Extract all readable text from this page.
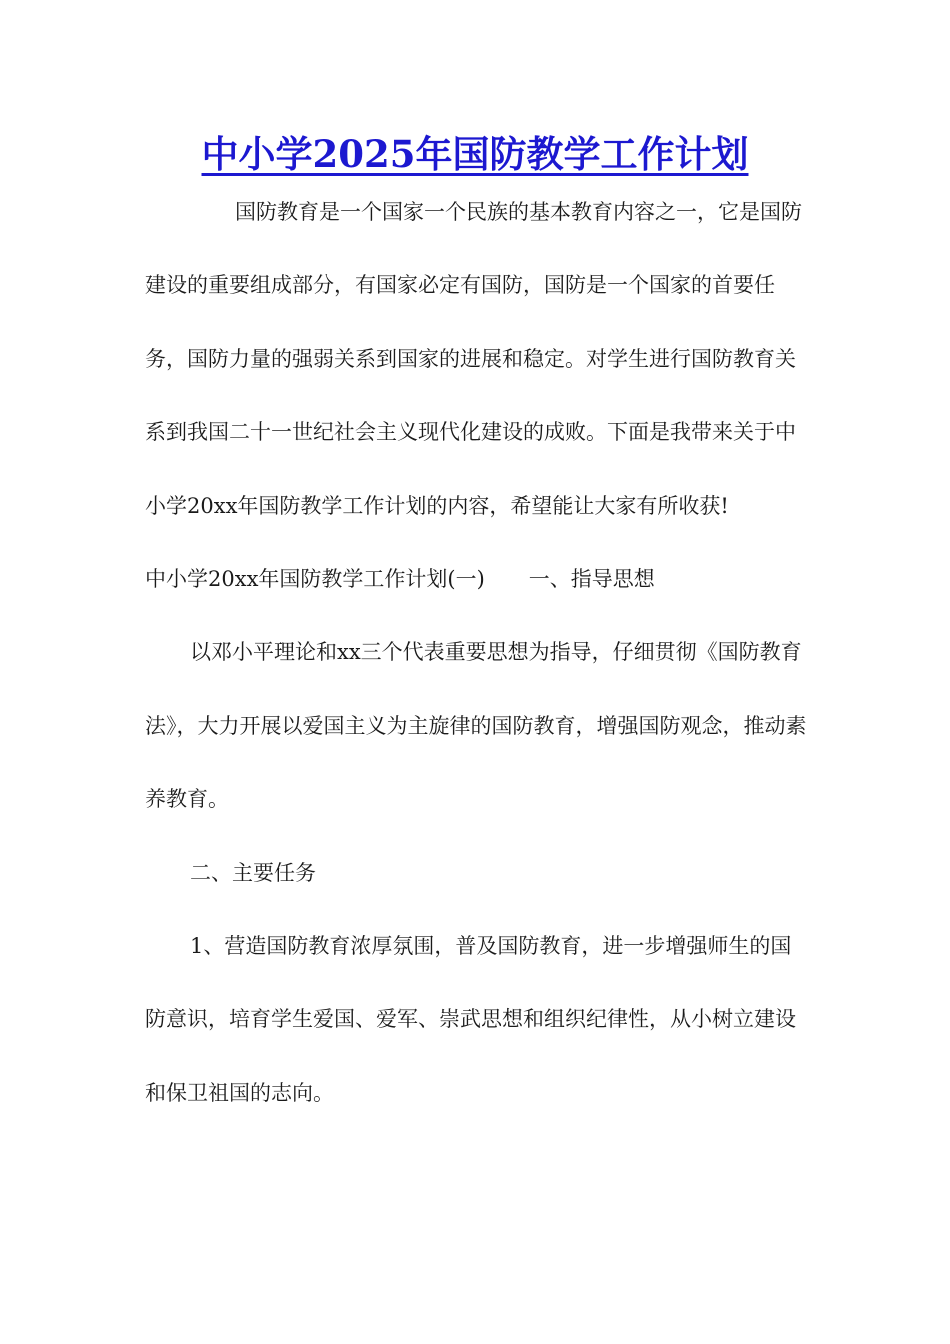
中小学2025年国防教学工作计划

国防教育是一个国家一个民族的基本教育内容之一，它是国防建设的重要组成部分，有国家必定有国防，国防是一个国家的首要任务，国防力量的强弱关系到国家的进展和稳定。对学生进行国防教育关系到我国二十一世纪社会主义现代化建设的成败。下面是我带来关于中小学20xx年国防教学工作计划的内容，希望能让大家有所收获!

中小学20xx年国防教学工作计划(一) 一、指导思想

以邓小平理论和xx三个代表重要思想为指导，仔细贯彻《国防教育法》，大力开展以爱国主义为主旋律的国防教育，增强国防观念，推动素养教育。

二、主要任务

1、营造国防教育浓厚氛围，普及国防教育，进一步增强师生的国防意识，培育学生爱国、爱军、崇武思想和组织纪律性，从小树立建设和保卫祖国的志向。
